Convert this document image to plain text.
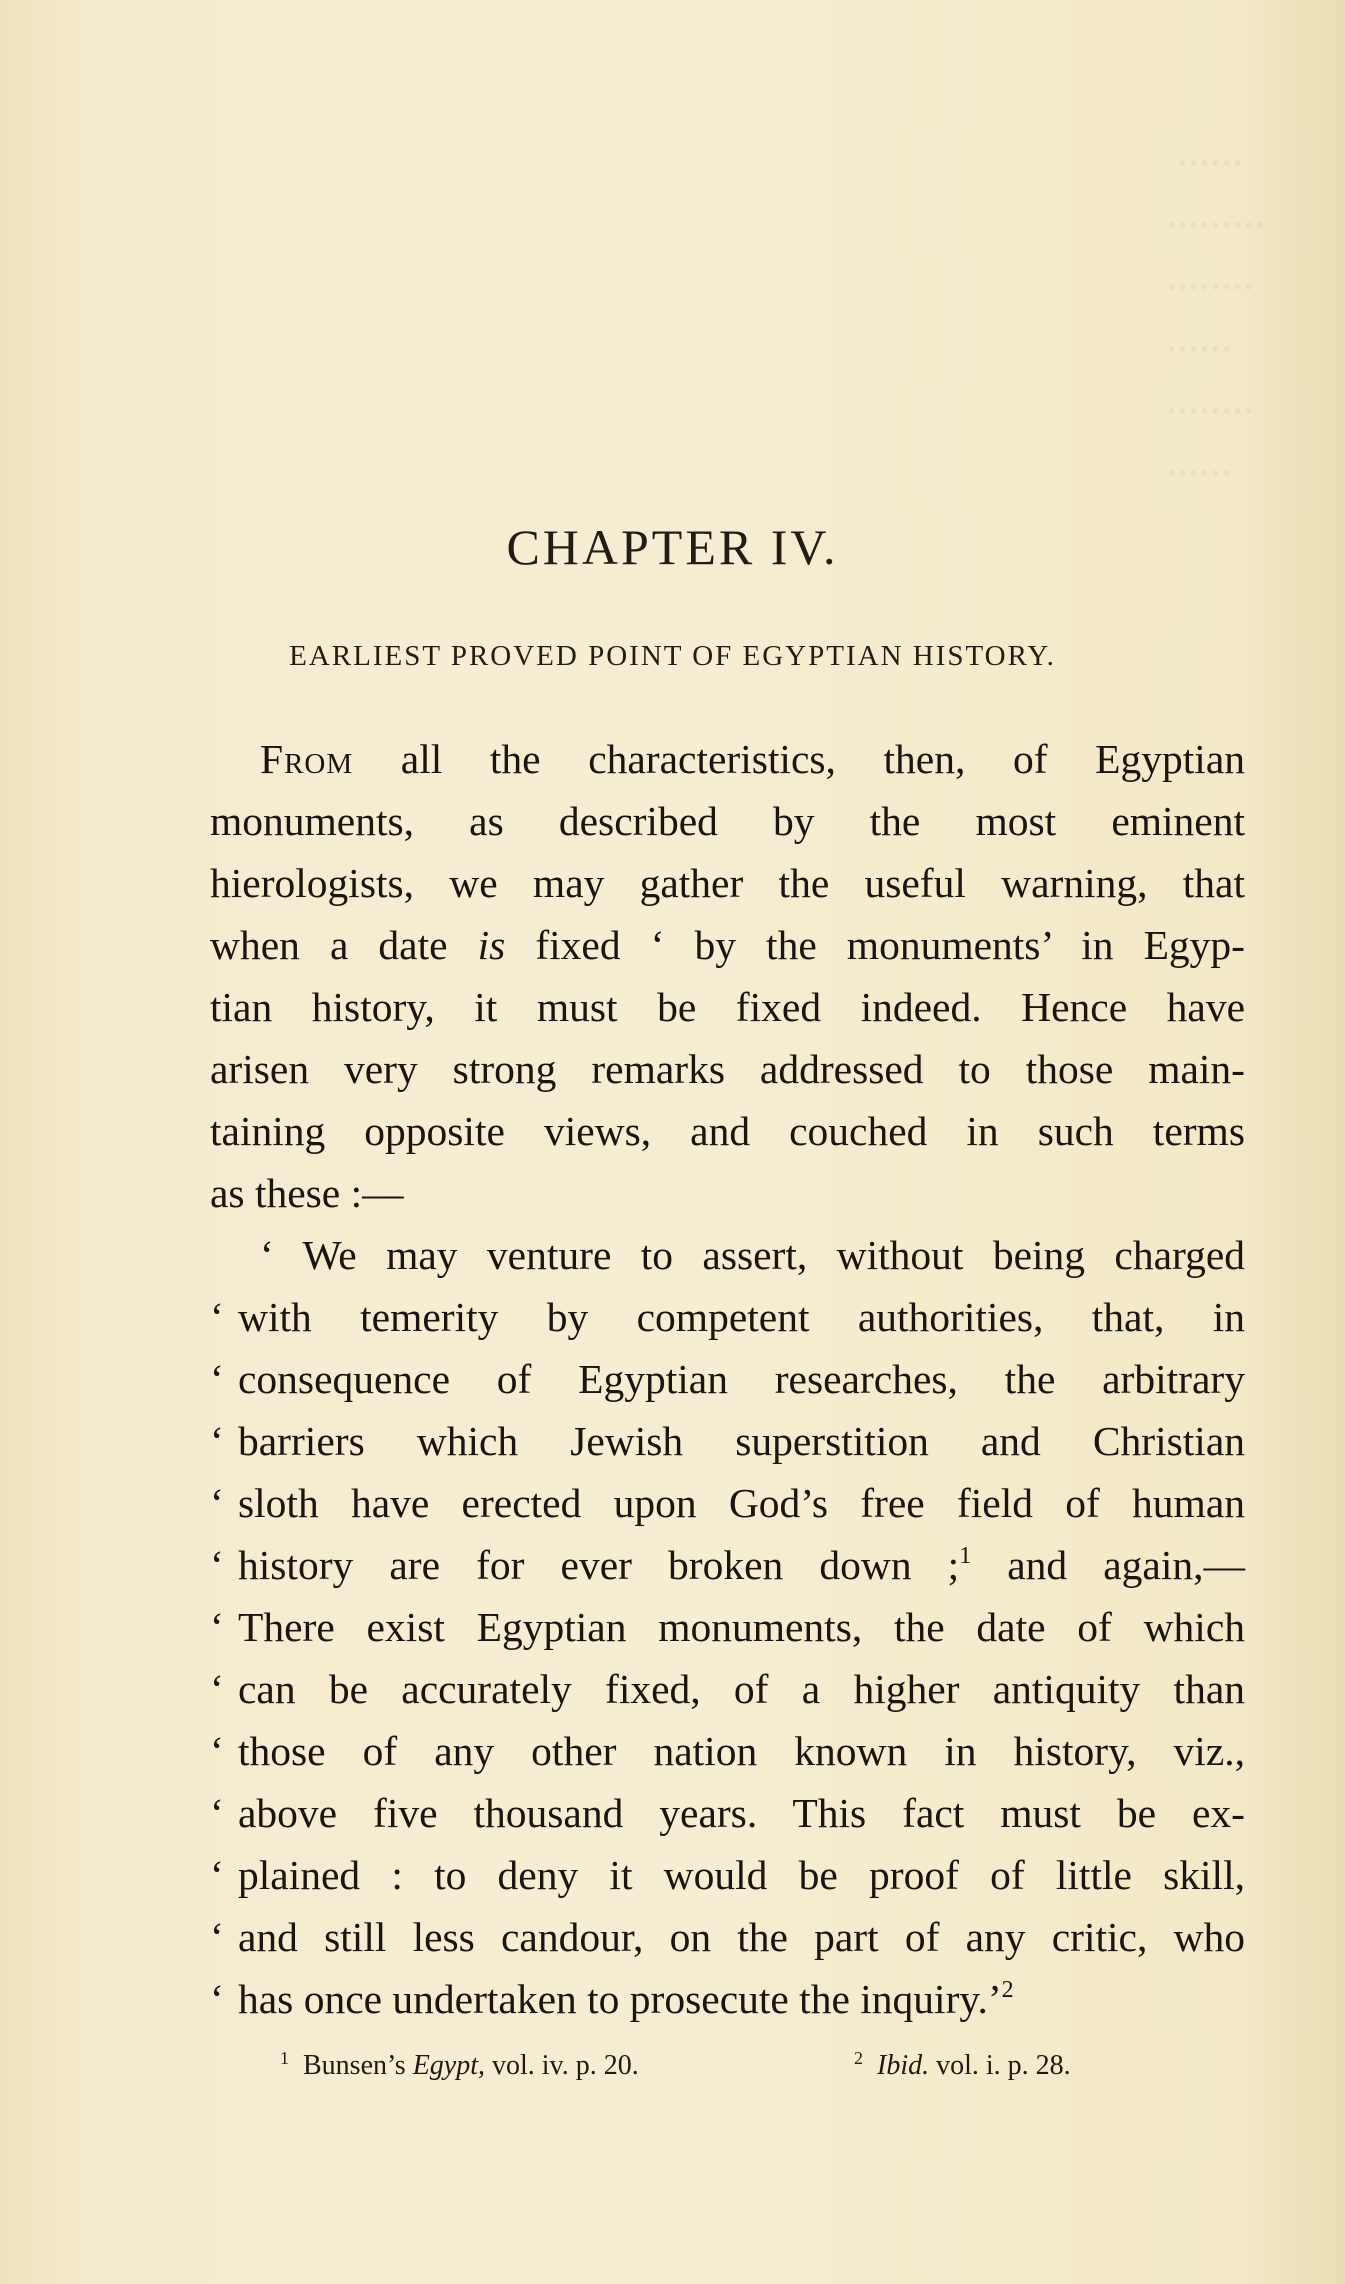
......
.........
........
......
........
......
CHAPTER IV.
EARLIEST PROVED POINT OF EGYPTIAN HISTORY.
From all the characteristics, then, of Egyptian
monuments, as described by the most eminent
hierologists, we may gather the useful warning, that
when a date is fixed ‘ by the monuments’ in Egyp-
tian history, it must be fixed indeed. Hence have
arisen very strong remarks addressed to those main-
taining opposite views, and couched in such terms
as these :—
‘ We may venture to assert, without being charged
‘ with temerity by competent authorities, that, in
‘ consequence of Egyptian researches, the arbitrary
‘ barriers which Jewish superstition and Christian
‘ sloth have erected upon God’s free field of human
‘ history are for ever broken down ;$^1$ and again,—
‘ There exist Egyptian monuments, the date of which
‘ can be accurately fixed, of a higher antiquity than
‘ those of any other nation known in history, viz.,
‘ above five thousand years. This fact must be ex-
‘ plained : to deny it would be proof of little skill,
‘ and still less candour, on the part of any critic, who
‘ has once undertaken to prosecute the inquiry.’$^2$
$^1$ Bunsen’s Egypt, vol. iv. p. 20.	$^2$ Ibid. vol. i. p. 28.
